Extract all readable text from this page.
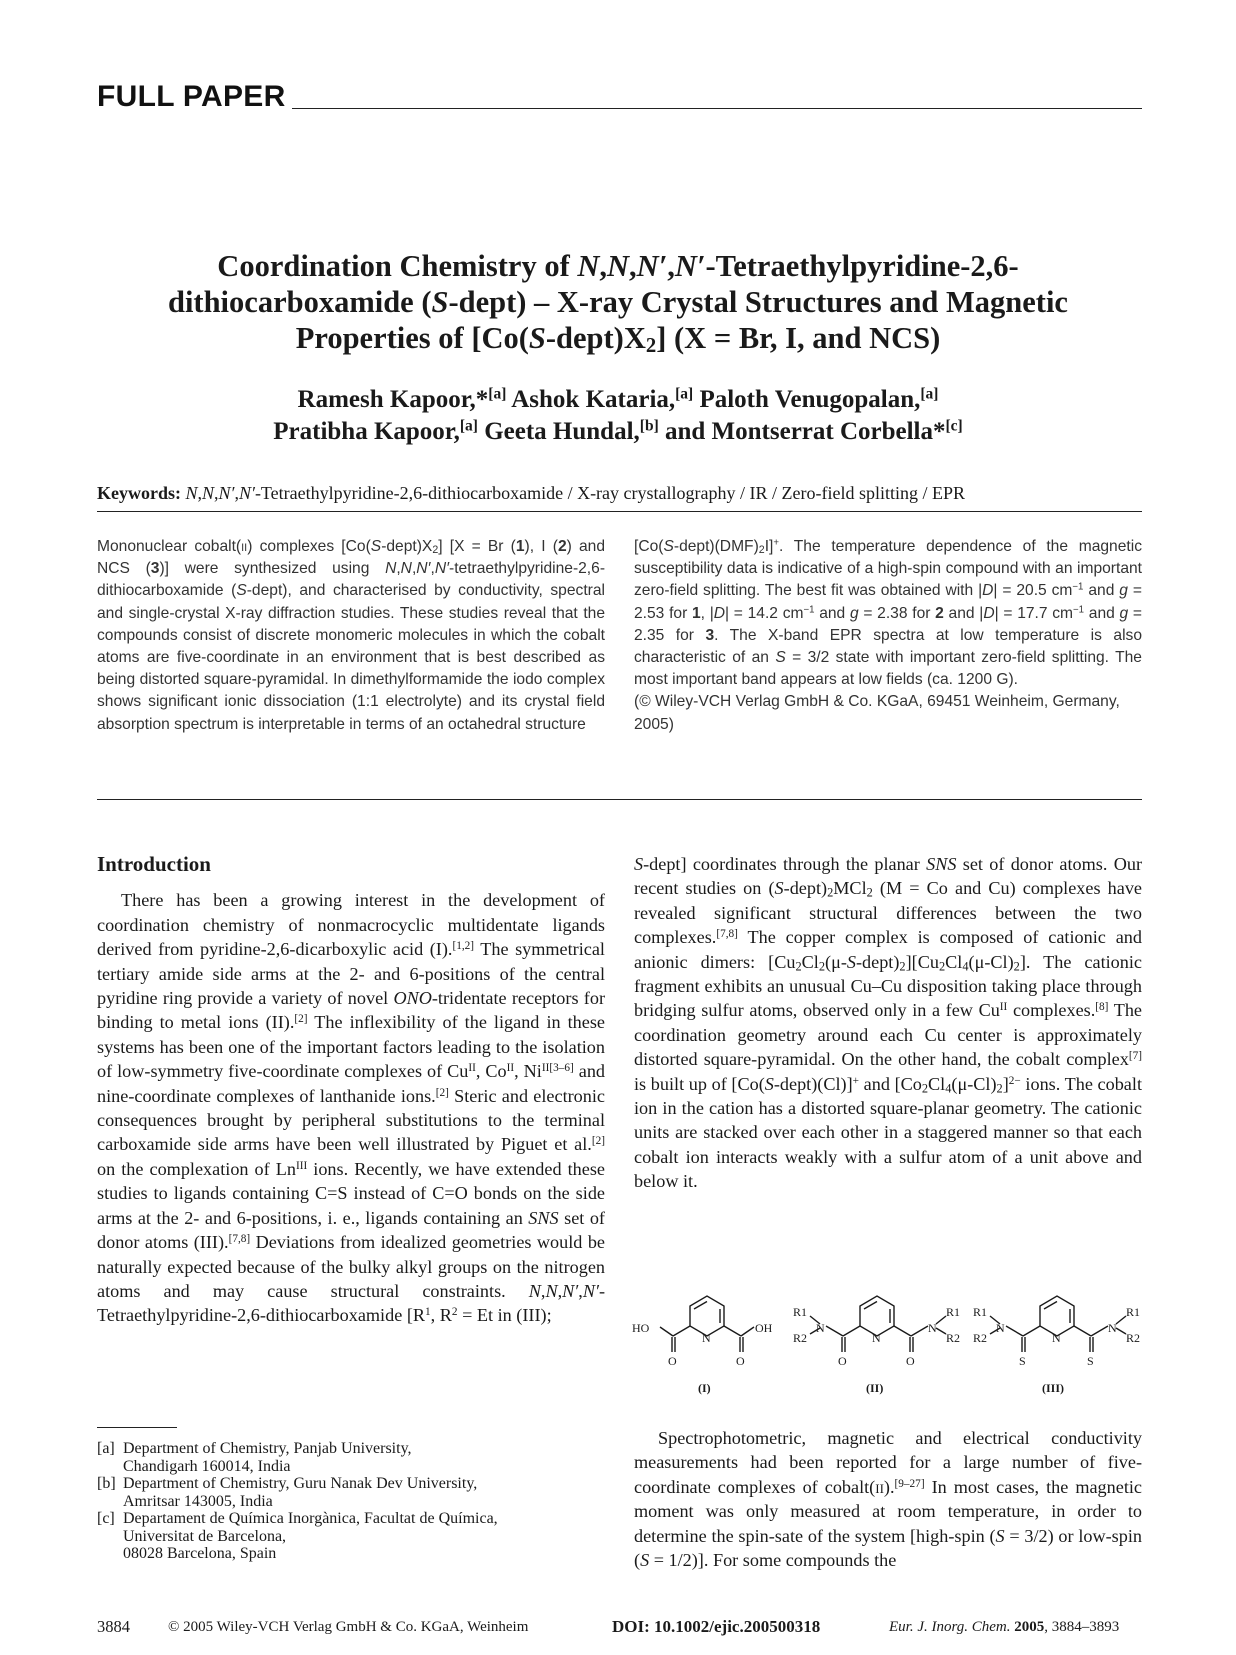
FULL PAPER
Coordination Chemistry of N,N,N′,N′-Tetraethylpyridine-2,6-
dithiocarboxamide (S-dept) – X-ray Crystal Structures and Magnetic
Properties of $[Co(S-dept)X_2] (X = Br$, I, and NCS)
Ramesh Kapoor,*[a] Ashok Kataria,[a] Paloth Venugopalan,[a]
Pratibha Kapoor,[a] Geeta Hundal,[b] and Montserrat Corbella*[c]
Keywords: N,N,N′,N′-Tetraethylpyridine-2,6-dithiocarboxamide / X-ray crystallography / IR / Zero-field splitting / EPR

Mononuclear cobalt(ii) complexes $[Co(S-dept)X_2] [X = Br$ (1), I (2) and NCS (3)] were synthesized using N,N,N′,N′-tetraethylpyridine-2,6-dithiocarboxamide (S-dept), and characterised by conductivity, spectral and single-crystal X-ray diffraction studies. These studies reveal that the compounds consist of discrete monomeric molecules in which the cobalt atoms are five-coordinate in an environment that is best described as being distorted square-pyramidal. In dimethylformamide the iodo complex shows significant ionic dissociation (1:1 electrolyte) and its crystal field absorption spectrum is interpretable in terms of an octahedral structure

$[Co(S-dept)(DMF)_2I]^+$. The temperature dependence of the magnetic susceptibility data is indicative of a high-spin compound with an important zero-field splitting. The best fit was obtained with |D| = 20.5 $cm^{-1}$ and g = 2.53 for 1, |D| = 14.2 $cm^{-1}$ and g = 2.38 for 2 and |D| = 17.7 $cm^{-1}$ and g = 2.35 for 3. The X-band EPR spectra at low temperature is also characteristic of an S = 3/2 state with important zero-field splitting. The most important band appears at low fields (ca. 1200 G).

(© Wiley-VCH Verlag GmbH & Co. KGaA, 69451 Weinheim, Germany, 2005)

Introduction

There has been a growing interest in the development of coordination chemistry of nonmacrocyclic multidentate ligands derived from pyridine-2,6-dicarboxylic acid (I).[1,2] The symmetrical tertiary amide side arms at the 2- and 6-positions of the central pyridine ring provide a variety of novel ONO-tridentate receptors for binding to metal ions (II).[2] The inflexibility of the ligand in these systems has been one of the important factors leading to the isolation of low-symmetry five-coordinate complexes of $Cu^{II}$, $Co^{II}$, $Ni^{II[3-6]}$ and nine-coordinate complexes of lanthanide ions.[2] Steric and electronic consequences brought by peripheral substitutions to the terminal carboxamide side arms have been well illustrated by Piguet et al.[2] on the complexation of $Ln^{III}$ ions. Recently, we have extended these studies to ligands containing C=S instead of C=O bonds on the side arms at the 2- and 6-positions, i. e., ligands containing an SNS set of donor atoms (III).[7,8] Deviations from idealized geometries would be naturally expected because of the bulky alkyl groups on the nitrogen atoms and may cause structural constraints. N,N,N′,N′-Tetraethylpyridine-2,6-dithiocarboxamide [$R^1$, $R^2 = Et$ in (III);

[a] Department of Chemistry, Panjab University,
Chandigarh 160014, India
[b] Department of Chemistry, Guru Nanak Dev University,
Amritsar 143005, India
[c] Departament de Química Inorgànica, Facultat de Química,
Universitat de Barcelona,
08028 Barcelona, Spain

S-dept] coordinates through the planar SNS set of donor atoms. Our recent studies on $(S-dept)_2MCl_2$ (M = Co and Cu) complexes have revealed significant structural differences between the two complexes.[7,8] The copper complex is composed of cationic and anionic dimers: $[Cu_2Cl_2(\mu-S-dept)_2][Cu_2Cl_4(\mu-Cl)_2]$. The cationic fragment exhibits an unusual Cu–Cu disposition taking place through bridging sulfur atoms, observed only in a few $Cu^{II}$ complexes.[8] The coordination geometry around each Cu center is approximately distorted square-pyramidal. On the other hand, the cobalt complex[7] is built up of [Co(S-dept)(Cl)]+ and $[Co_2Cl_4(\mu-Cl)_2]^{2-}$ ions. The cobalt ion in the cation has a distorted square-planar geometry. The cationic units are stacked over each other in a staggered manner so that each cobalt ion interacts weakly with a sulfur atom of a unit above and below it.

HO	OH
N
O	O
(I)
R1
R2
N
N
O	O
N
R1
R2
(II)
R1
R2
N
N
S	S
N
R1
R2
(III)

Spectrophotometric, magnetic and electrical conductivity measurements had been reported for a large number of five-coordinate complexes of cobalt(ii).[9–27] In most cases, the magnetic moment was only measured at room temperature, in order to determine the spin-sate of the system [high-spin (S = 3/2) or low-spin (S = 1/2)]. For some compounds the

3884	© 2005 Wiley-VCH Verlag GmbH & Co. KGaA, Weinheim	DOI: 10.1002/ejic.200500318	Eur. J. Inorg. Chem. 2005, 3884–3893
